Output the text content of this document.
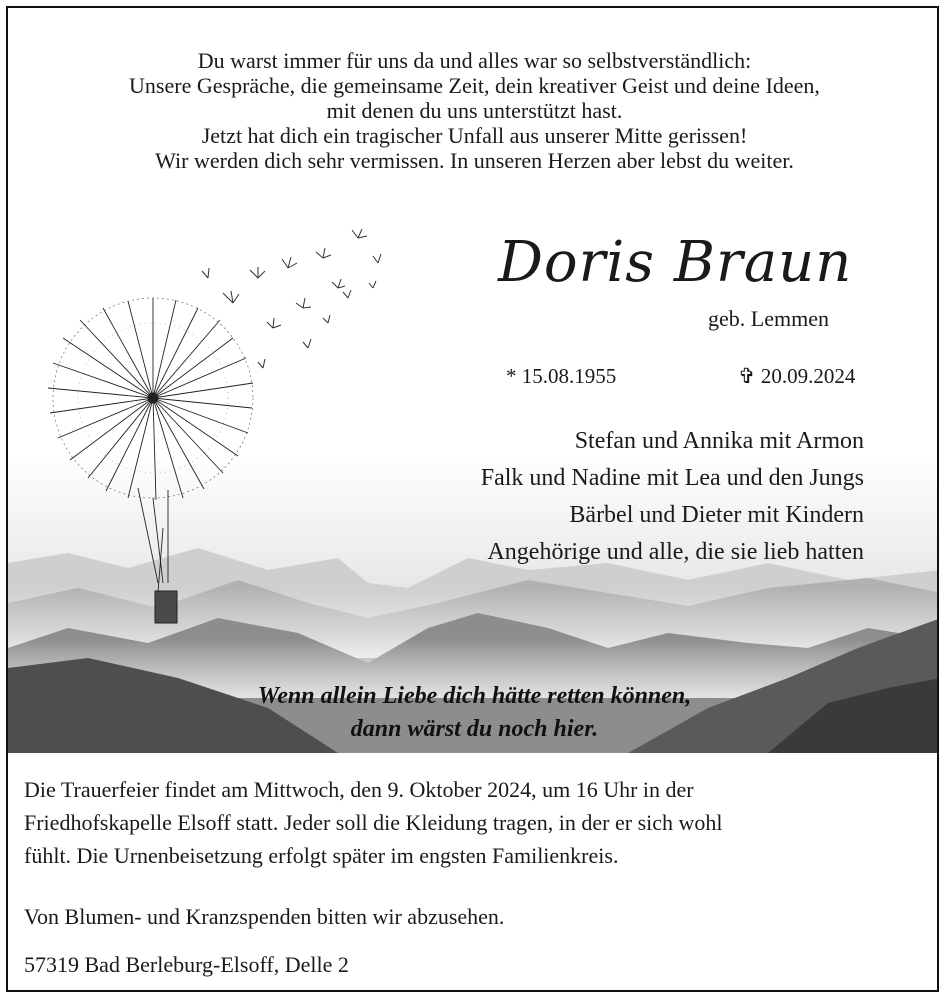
Du warst immer für uns da und alles war so selbstverständlich:
Unsere Gespräche, die gemeinsame Zeit, dein kreativer Geist und deine Ideen,
mit denen du uns unterstützt hast.
Jetzt hat dich ein tragischer Unfall aus unserer Mitte gerissen!
Wir werden dich sehr vermissen. In unseren Herzen aber lebst du weiter.
Doris Braun
geb. Lemmen
* 15.08.1955	✞ 20.09.2024
Stefan und Annika mit Armon
Falk und Nadine mit Lea und den Jungs
Bärbel und Dieter mit Kindern
Angehörige und alle, die sie lieb hatten
Wenn allein Liebe dich hätte retten können,
dann wärst du noch hier.
Die Trauerfeier findet am Mittwoch, den 9. Oktober 2024, um 16 Uhr in der
Friedhofskapelle Elsoff statt. Jeder soll die Kleidung tragen, in der er sich wohl
fühlt. Die Urnenbeisetzung erfolgt später im engsten Familienkreis.
Von Blumen- und Kranzspenden bitten wir abzusehen.
57319 Bad Berleburg-Elsoff, Delle 2
